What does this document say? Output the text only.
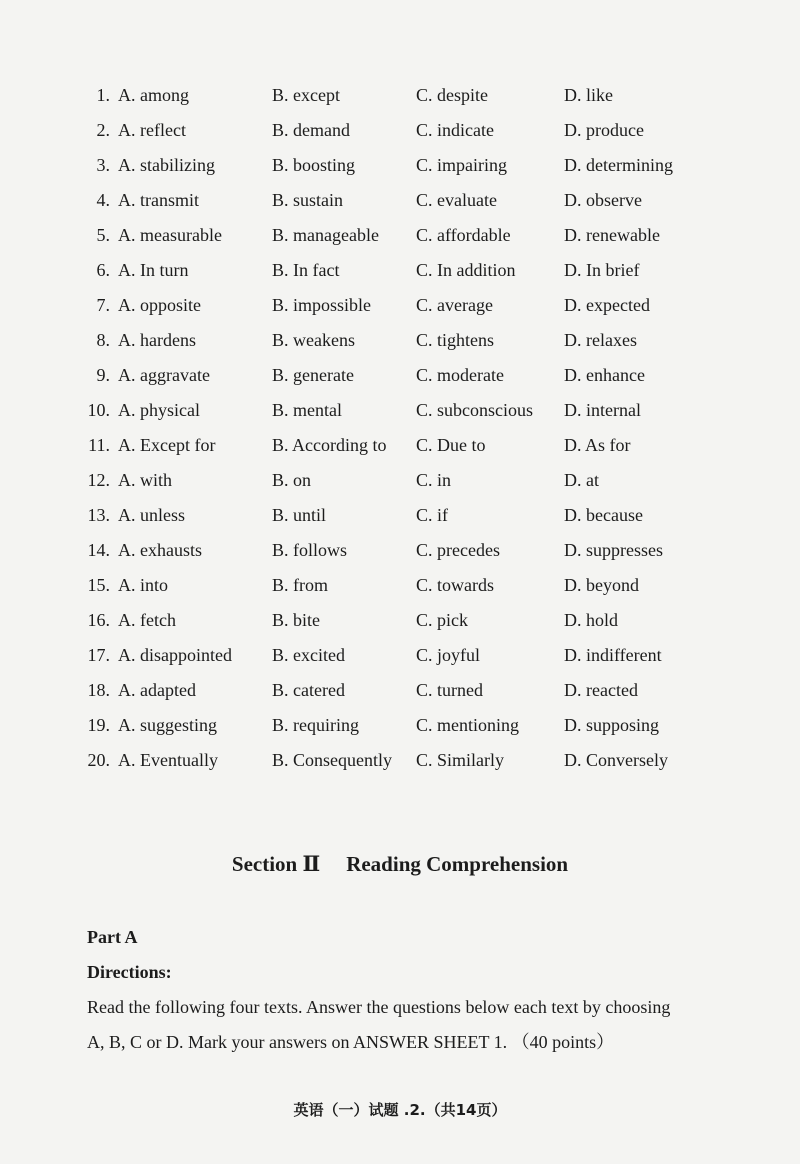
1. A. among	B. except	C. despite	D. like
2. A. reflect	B. demand	C. indicate	D. produce
3. A. stabilizing	B. boosting	C. impairing	D. determining
4. A. transmit	B. sustain	C. evaluate	D. observe
5. A. measurable	B. manageable C. affordable	D. renewable
6. A. In turn	B. In fact	C. In addition	D. In brief
7. A. opposite	B. impossible C. average	D. expected
8. A. hardens	B. weakens	C. tightens	D. relaxes
9. A. aggravate	B. generate	C. moderate	D. enhance
10. A. physical	B. mental	C. subconscious D. internal
11. A. Except for	B. According to C. Due to	D. As for
12. A. with	B. on	C. in	D. at
13. A. unless	B. until	C. if	D. because
14. A. exhausts	B. follows	C. precedes	D. suppresses
15. A. into	B. from	C. towards	D. beyond
16. A. fetch	B. bite	C. pick	D. hold
17. A. disappointed B. excited	C. joyful	D. indifferent
18. A. adapted	B. catered	C. turned	D. reacted
19. A. suggesting	B. requiring	C. mentioning	D. supposing
20. A. Eventually	B. Consequently C. Similarly	D. Conversely
Section Ⅱ Reading Comprehension
Part A
Directions:
Read the following four texts. Answer the questions below each text by choosing
A, B, C or D. Mark your answers on ANSWER SHEET 1. （40 points）
英语（一）试题 .2.（共14页）
